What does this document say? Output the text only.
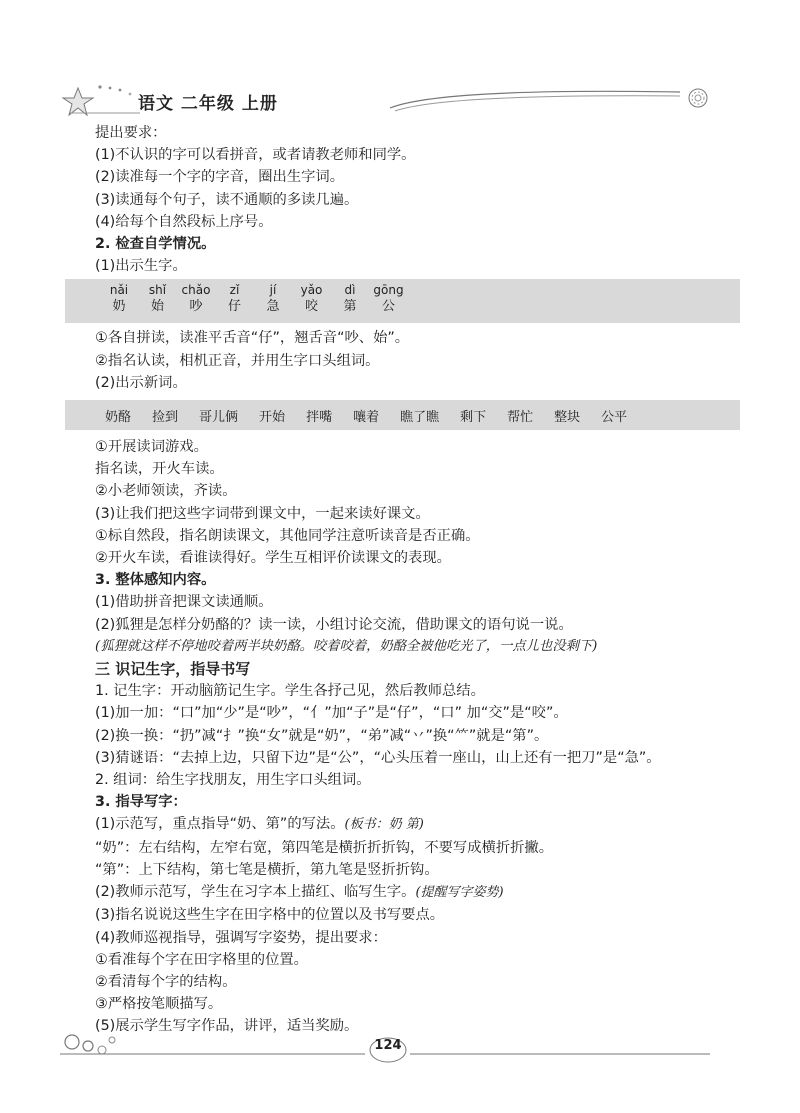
语文 二年级 上册
提出要求：
(1)不认识的字可以看拼音，或者请教老师和同学。
(2)读准每一个字的字音，圈出生字词。
(3)读通每个句子，读不通顺的多读几遍。
(4)给每个自然段标上序号。
2. 检查自学情况。
(1)出示生字。
nǎi
奶
shǐ
始
chǎo
吵
zǐ
仔
jí
急
yǎo
咬
dì
第
gōng
公
①各自拼读，读准平舌音“仔”，翘舌音“吵、始”。
②指名认读，相机正音，并用生字口头组词。
(2)出示新词。
奶酪 捡到 哥儿俩 开始 拌嘴 嚷着 瞧了瞧 剩下 帮忙 整块 公平
①开展读词游戏。
指名读，开火车读。
②小老师领读，齐读。
(3)让我们把这些字词带到课文中，一起来读好课文。
①标自然段，指名朗读课文，其他同学注意听读音是否正确。
②开火车读，看谁读得好。学生互相评价读课文的表现。
3. 整体感知内容。
(1)借助拼音把课文读通顺。
(2)狐狸是怎样分奶酪的？读一读，小组讨论交流，借助课文的语句说一说。
(狐狸就这样不停地咬着两半块奶酪。咬着咬着，奶酪全被他吃光了，一点儿也没剩下)
三 识记生字，指导书写
1. 记生字：开动脑筋记生字。学生各抒己见，然后教师总结。
(1)加一加：“口”加“少”是“吵”，“亻”加“子”是“仔”，“口” 加“交”是“咬”。
(2)换一换：“扔”减“扌”换“女”就是“奶”，“弟”减“丷”换“⺮”就是“第”。
(3)猜谜语：“去掉上边，只留下边”是“公”，“心头压着一座山，山上还有一把刀”是“急”。
2. 组词：给生字找朋友，用生字口头组词。
3. 指导写字：
(1)示范写，重点指导“奶、第”的写法。(板书：奶 第)
“奶”：左右结构，左窄右宽，第四笔是横折折折钩，不要写成横折折撇。
“第”：上下结构，第七笔是横折，第九笔是竖折折钩。
(2)教师示范写，学生在习字本上描红、临写生字。(提醒写字姿势)
(3)指名说说这些生字在田字格中的位置以及书写要点。
(4)教师巡视指导，强调写字姿势，提出要求：
①看准每个字在田字格里的位置。
②看清每个字的结构。
③严格按笔顺描写。
(5)展示学生写字作品，讲评，适当奖励。
124
